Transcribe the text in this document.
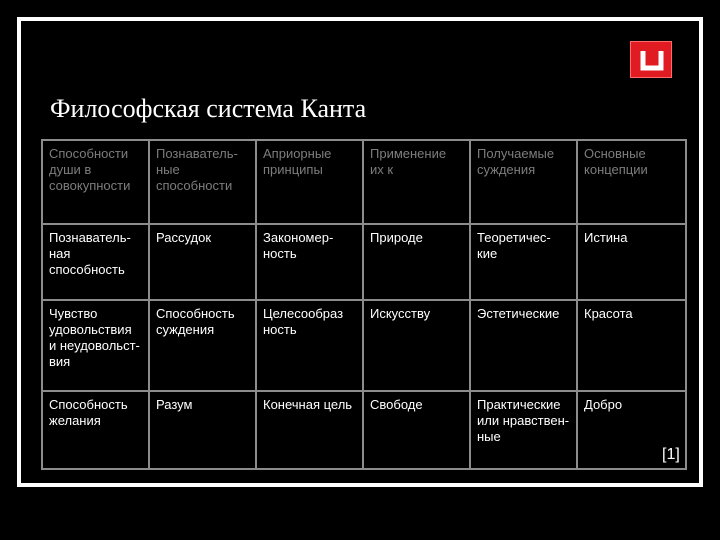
Философская система Канта
Способности души в совокупности	Познаватель-ные способности	Априорные принципы	Применение их к	Получаемые суждения	Основные концепции
Познаватель-ная способность	Рассудок	Закономер-ность	Природе	Теоретичес-кие	Истина
Чувство удовольствия и неудовольст-вия	Способность суждения	Целесообраз ность	Искусству	Эстетические	Красота
Способность желания	Разум	Конечная цель	Свободе	Практические или нравствен-ные	Добро
[1]
